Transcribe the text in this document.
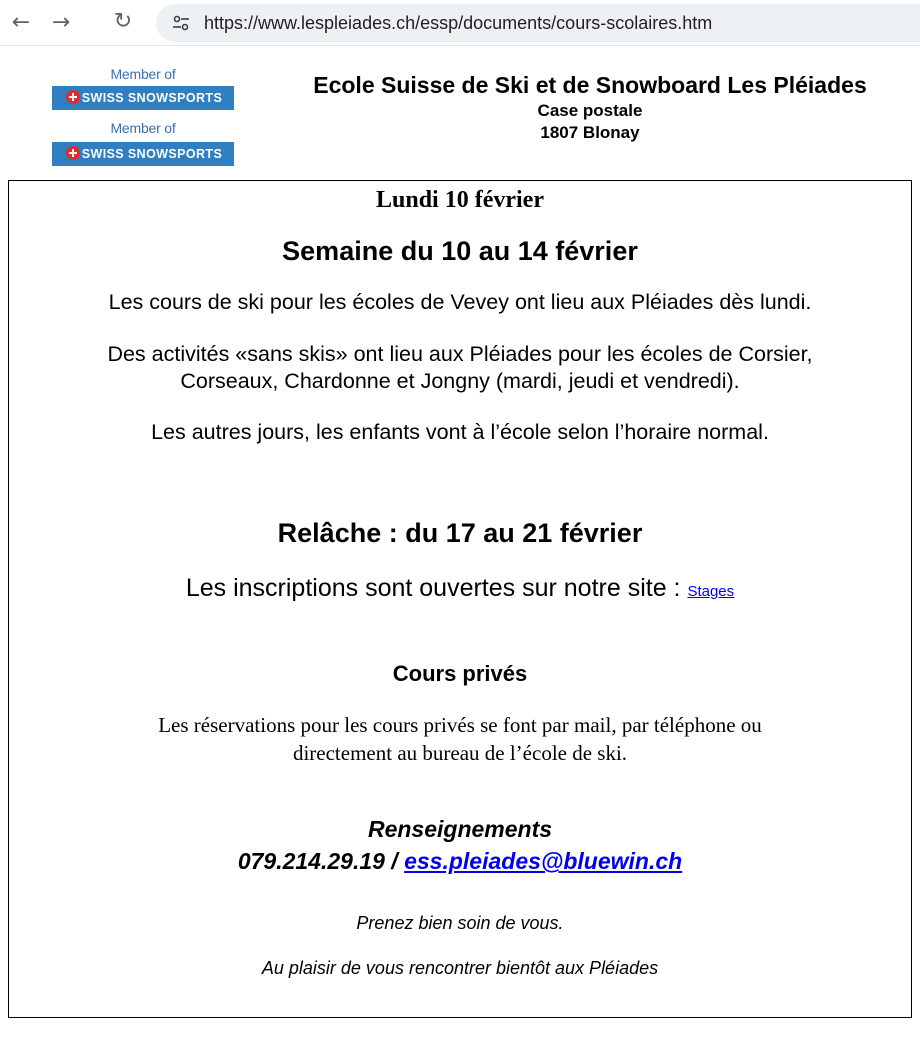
← → ↻	https://www.lespleiades.ch/essp/documents/cours-scolaires.htm
Member of
SWISS SNOWSPORTS
Member of
SWISS SNOWSPORTS
Ecole Suisse de Ski et de Snowboard Les Pléiades
Case postale
1807 Blonay
Lundi 10 février
Semaine du 10 au 14 février
Les cours de ski pour les écoles de Vevey ont lieu aux Pléiades dès lundi.
Des activités «sans skis» ont lieu aux Pléiades pour les écoles de Corsier,
Corseaux, Chardonne et Jongny (mardi, jeudi et vendredi).
Les autres jours, les enfants vont à l’école selon l’horaire normal.
Relâche : du 17 au 21 février
Les inscriptions sont ouvertes sur notre site : Stages
Cours privés
Les réservations pour les cours privés se font par mail, par téléphone ou
directement au bureau de l’école de ski.
Renseignements
079.214.29.19 / ess.pleiades@bluewin.ch
Prenez bien soin de vous.
Au plaisir de vous rencontrer bientôt aux Pléiades
